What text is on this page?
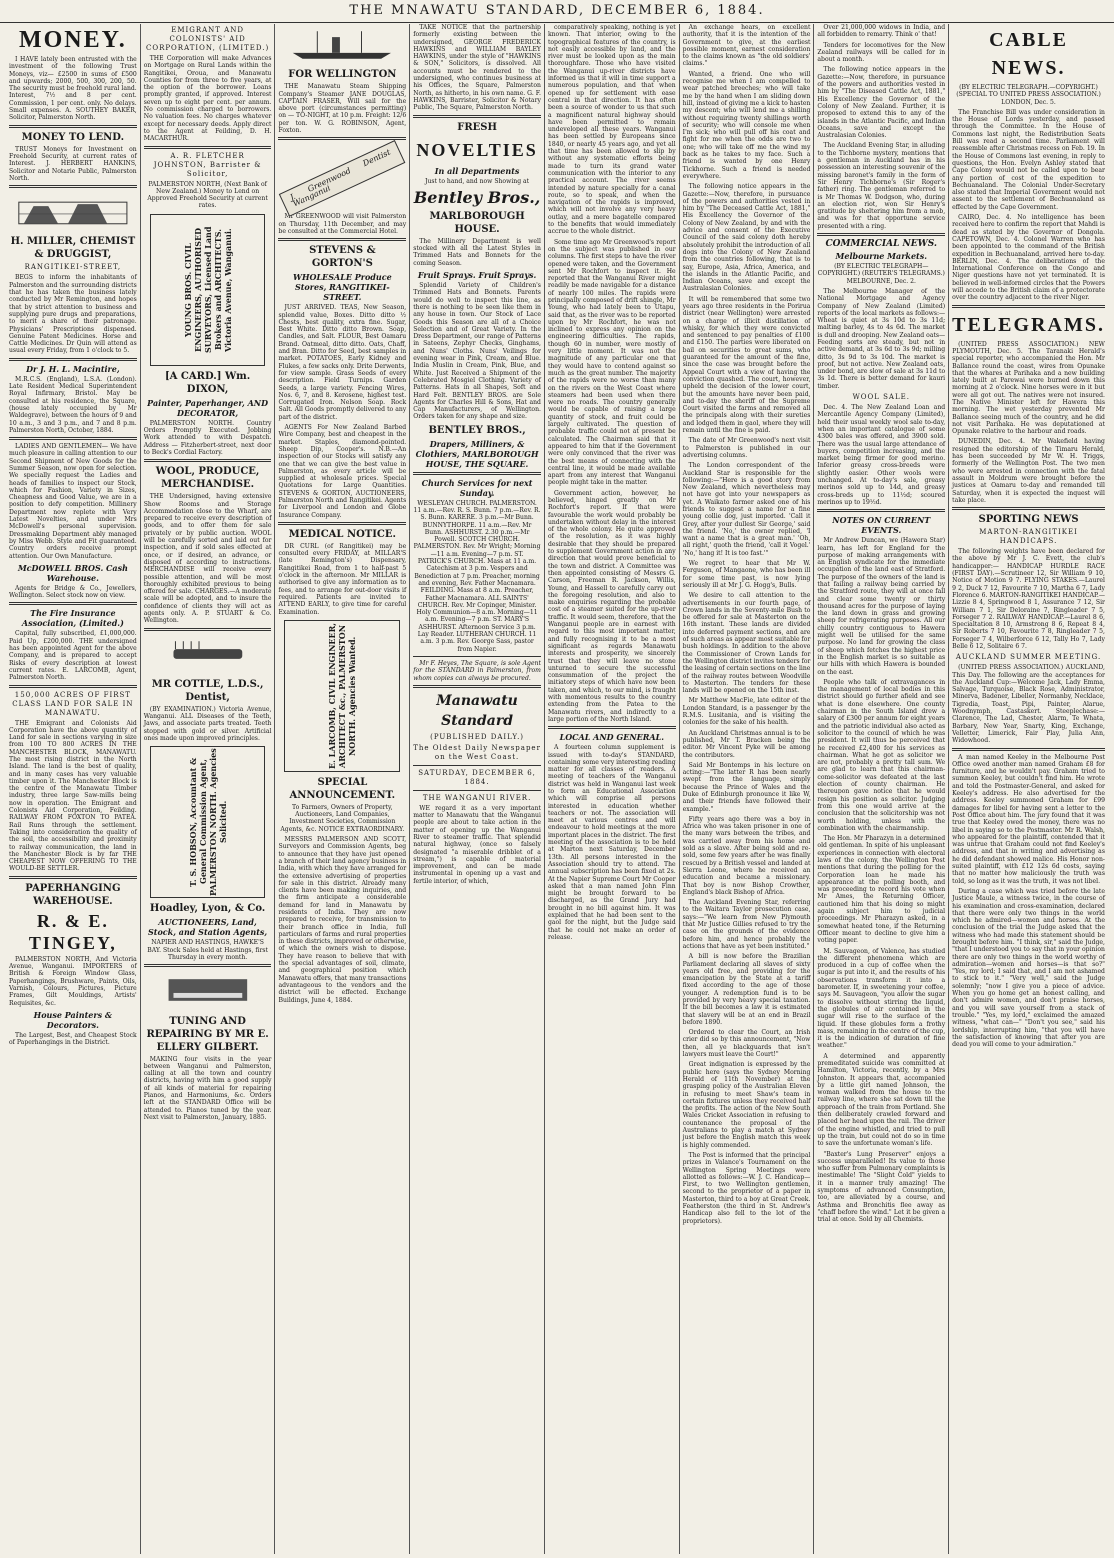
THE MNAWATU STANDARD, DECEMBER 6, 1884.
MONEY.

I HAVE lately been entrusted with the investment of the following Trust Moneys, viz— £2500 in sums of £500 and upwards; 2000, 500, 300, 200, 50. The security must be freehold rural land. Interest, 7½ and 8 per cent. Commission, 1 per cent. only. No delays. Small expenses. A. SOUTHEY BAKER, Solicitor, Palmerston North.

MONEY TO LEND.

TRUST Moneys for Investment on Freehold Security, at current rates of Interest. J. HERBERT HANKINS, Solicitor and Notarie Public, Palmerston North.

H. MILLER, CHEMIST & DRUGGIST,
RANGITIKEI-STREET,

BEGS to inform the inhabitants of Palmerston and the surrounding districts that he has taken the business lately conducted by Mr Remington, and hopes that by strict attention to business and supplying pure drugs and preparations, to merit a share of their patronage. Physicians' Prescriptions dispensed. Genuine Patent Medicines. Horse and Cattle Medicines. Dr Quin will attend as usual every Friday, from 1 o'clock to 5.

Dr J. H. L. Macintire,

M.R.C.S. (England), L.S.A. (London). Late Resident Medical Superintendent Royal Infirmary, Bristol. May be consulted at his residence, the Square, (house lately occupied by Mr Waldegrave), between the hours of 9 and 10 a.m., 3 and 3 p.m., and 7 and 8 p.m. Palmerston North, October, 1884.

LADIES AND GENTLEMEN— We have much pleasure in calling attention to our Second Shipment of New Goods for the Summer Season, now open for selection. We specially request the Ladies and heads of families to inspect our Stock, which for Fashion, Variety in Sizes, Cheapness and Good Value, we are in a position to defy competition. Millinery Department now replete with Very Latest Novelties, and under Mrs McDowell's personal supervision. Dressmaking Department ably managed by Miss Webb. Style and Fit guaranteed. Country orders receive prompt attention. Our Own Manufacture.

McDOWELL BROS. Cash Warehouse.

Agents for Bridge & Co., Jewellers, Wellington. Select stock now on view.

The Fire Insurance Association, (Limited.)

Capital, fully subscribed, £1,000,000. Paid Up, £200,000. THE undersigned has been appointed Agent for the above Company, and is prepared to accept Risks of every description at lowest current rates. E. LARCOMB, Agent, Palmerston North.

150,000 ACRES OF FIRST CLASS LAND FOR SALE IN MANAWATU.

THE Emigrant and Colonists Aid Corporation have the above quantity of Land for sale in sections varying in size from 100 TO 800 ACRES IN THE MANCHESTER BLOCK, MANAWATU. The most rising district in the North Island. The land is the best of quality, and in many cases has very valuable timber upon it. The Manchester Block is the centre of the Manawatu Timber industry, three large Saw-mills being now in operation. The Emigrant and Colonists Aid Corporation, Feilding. RAILWAY FROM FOXTON TO PATEA. Rail Runs through the settlement. Taking into consideration the quality of the soil, the accessibility and proximity to railway communication, the land in the Manchester Block is by far THE CHEAPEST NOW OFFERING TO THE WOULD-BE SETTLER.

PAPERHANGING WAREHOUSE.
R. & E. TINGEY,

PALMERSTON NORTH, And Victoria Avenue, Wanganui. IMPORTERS of British & Foreign Window Glass, Paperhangings, Brushware, Paints, Oils, Varnish, Colours, Pictures, Picture Frames, Gilt Mouldings, Artists' Requisites, &c.

House Painters & Decorators.

The Largest, Best, and Cheapest Stock of Paperhangings in the District.

EMIGRANT AND COLONISTS' AID CORPORATION, (LIMITED.)

THE Corporation will make Advances on Mortgage on Rural Lands within the Rangitikei, Oroua, and Manawatu Counties for from three to five years, at the option of the borrower. Loans promptly granted, if approved. Interest seven up to eight per cent. per annum. No commission charged to borrowers. No valuation fees. No charges whatever except for necessary deeds. Apply direct to the Agent at Feilding, D. H. MACARTHUR.

A. R. FLETCHER JOHNSTON, Barrister & Solicitor,

PALMERSTON NORTH, (Next Bank of New Zealand.) Money to Lend on Approved Freehold Security at current rates.

YOUNG BROS. CIVIL ENGINEERS, AUTHORISED SURVEYORS, Licensed Land Brokers and ARCHITECTS. Victoria Avenue, Wanganui.
[A CARD.] Wm. DIXON,
Painter, Paperhanger, AND DECORATOR,

PALMERSTON NORTH. Country Orders Promptly Executed. Jobbing Work attended to with Despatch. Address — Fitzherbert-street, next door to Beck's Cordial Factory.

WOOL, PRODUCE, MERCHANDISE.

THE Undersigned, having extensive Show Rooms and Storage Accommodation close to the Wharf, are prepared to receive every description of goods, and to offer them for sale privately or by public auction. WOOL will be carefully sorted and laid out for inspection, and if sold sales effected at once, or if desired, an advance, or disposed of according to instructions. MERCHANDISE will receive every possible attention, and will be most thoroughly exhibited previous to being offered for sale. CHARGES.—A moderate scale will be adopted, and to insure the confidence of clients they will act as agents only. A. P. STUART & Co. Wellington.

MR COTTLE, L.D.S., Dentist,

(BY EXAMINATION.) Victoria Avenue, Wanganui. ALL Diseases of the Teeth, Jaws, and associate parts treated. Teeth stopped with gold or silver. Artificial ones made upon improved principles.

T. S. HOBSON, Accountant & General Commission Agent, PALMERSTON NORTH. Agencies Solicited.
Hoadley, Lyon, & Co.
AUCTIONEERS, Land, Stock, and Station Agents,

NAPIER AND HASTINGS, HAWKE'S BAY. Stock Sales held at Hastings, first Thursday in every month.

TUNING AND REPAIRING BY MR E. ELLERY GILBERT.

MAKING four visits in the year between Wanganui and Palmerston, calling at all the town and country districts, having with him a good supply of all kinds of material for repairing Pianos, and Harmoniums, &c. Orders left at the STANDARD Office will be attended to. Pianos tuned by the year. Next visit to Palmerston, January, 1885.

FOR WELLINGTON

THE Manawatu Steam Shipping Company's Steamer JANE DOUGLAS, CAPTAIN FRASER, Will sail for the above port (circumstances permitting) on — TO-NIGHT, at 10 p.m. Freight: 12/6 per ton. W. G. ROBINSON, Agent, Foxton.

J. Greenwood Dentist Wanganui

Mr GREENWOOD will visit Palmerston on Thursday, 11th December, and may be consulted at the Commercial Hotel.

STEVENS & GORTON'S
WHOLESALE Produce Stores, RANGITIKEI-STREET.

JUST ARRIVED. TEAS, New Season, splendid value, Boxes. Ditto ditto ½ Chests, best quality, extra fine. Sugar, Best White. Ditto ditto Brown. Soap, Candles, and Salt. FLOUR, Best Oamaru Brand. Oatmeal, ditto ditto. Oats, Chaff, and Bran. Ditto for Seed, best samples in market. POTATOES, Early Kidney and Flukes, a few sacks only. Drite Derwents, for view sample. Grass Seeds of every description. Field Turnips. Garden Seeds, a large variety. Fencing Wires, Nos. 6, 7, and 8. Kerosene, highest test. Corrugated Iron. Nelson Soap. Rock Salt. All Goods promptly delivered to any part of the district.

AGENTS For New Zealand Barbed Wire Company, best and cheapest in the market. Staples, diamond-pointed. Sheep Dip, Cooper's. N.B.—An inspection of our Stocks will satisfy any one that we can give the best value in Palmerston, as every article will be supplied at wholesale prices. Special Quotations for Large Quantities. STEVENS & GORTON, AUCTIONEERS, Palmerston North and Rangitikei. Agents for Liverpool and London and Globe Insurance Company.

MEDICAL NOTICE.

DR CURL (of Rangitikei) may be consulted every FRIDAY, at MILLAR'S (late Remington's) Dispensary, Rangitikei Road, from 1 to half-past 5 o'clock in the afternoon. Mr MILLAR is authorised to give any information as to fees, and to arrange for out-door visits if required. Patients are invited to ATTEND EARLY, to give time for careful Examination.

E. LARCOMB, CIVIL ENGINEER, ARCHITECT &c., PALMERSTON NORTH. Agencies Wanted.
SPECIAL ANNOUNCEMENT.

To Farmers, Owners of Property, Auctioneers, Land Companies, Investment Societies, Commission Agents, &c. NOTICE EXTRAORDINARY.

MESSRS PALMERSON AND SCOTT, Surveyors and Commission Agents, beg to announce that they have just opened a branch of their land agency business in India, with which they have arranged for the extensive advertising of properties for sale in this district. Already many clients have been making inquiries, and the firm anticipate a considerable demand for land in Manawatu by residents of India. They are now prepared to receive, for transmission to their branch office in India, full particulars of farms and rural properties in these districts, improved or otherwise, of which the owners wish to dispose. They have reason to believe that with the special advantages of soil, climate, and geographical position which Manawatu offers, that many transactions advantageous to the vendors and the district will be effected. Exchange Buildings, June 4, 1884.

TAKE NOTICE that the partnership formerly existing between the undersigned, GEORGE FREDERICK HAWKINS and WILLIAM BAYLEY HAWKINS, under the style of "HAWKINS & SON," Solicitors, is dissolved. All accounts must be rendered to the undersigned, who continues business at his Offices, the Square, Palmerston North, as hitherto, in his own name. G. F. HAWKINS, Barrister, Solicitor & Notary Public, The Square, Palmerston North.

FRESH
NOVELTIES
In all Departments

Just to hand, and now Showing at

Bentley Bros.,
MARLBOROUGH HOUSE.

The Millinery Department is well stocked with all the Latest Styles in Trimmed Hats and Bonnets for the coming Season.

Fruit Sprays. Fruit Sprays.

Splendid Variety of Children's Trimmed Hats and Bonnets. Parents would do well to inspect this line, as there is nothing to be seen like them in any house in town. Our Stock of Lace Goods this Season are all of a Choice Selection and of Great Variety. In the Dress Department, our range of Patterns in Sateens, Zephyr Checks, Ginghams, and Nuns' Cloths. Nuns' Veilings for evening wear in Pink, Cream, and Blue. India Muslin in Cream, Pink, Blue, and White. Just Received a Shipment of the Celebrated Mosgiel Clothing. Variety of Patterns. Hats in all Shapes, Soft and Hard Felt. BENTLEY BROS. are Sole Agents for Charles Hill & Sons, Hat and Cap Manufacturers, of Wellington. Orders taken for any shape and size.

BENTLEY BROS.,
Drapers, Milliners, & Clothiers, MARLBOROUGH HOUSE, THE SQUARE.
Church Services for next Sunday.

WESLEYAN CHURCH. PALMERSTON. 11 a.m.—Rev. R. S. Bunn. 7 p.m.—Rev. R. S. Bunn. KARERE. 3 p.m.—Mr Bunn. BUNNYTHORPE. 11 a.m.—Rev. Mr Bunn. ASHHURST. 2.30 p.m.—Mr Powell. SCOTCH CHURCH. PALMERSTON. Rev. Mr Wright; Morning—11 a.m. Evening—7 p.m. ST. PATRICK'S CHURCH. Mass at 11 a.m. Catechism at 3 p.m. Vespers and Benediction at 7 p.m. Preacher, morning and evening, Rev. Father Macnamara. FEILDING. Mass at 8 a.m. Preacher, Father Macnamara. ALL SAINTS' CHURCH. Rev. Mr Copinger, Minister. Holy Communion—8 a.m. Morning—11 a.m. Evening—7 p.m. ST. MARY'S ASHHURST. Afternoon Service 3 p.m. Lay Reader. LUTHERAN CHURCH. 11 a.m. 3 p.m. Rev. George Sass, pastor from Napier.

Mr F. Heyes, The Square, is sole Agent for the STANDARD in Palmerston, from whom copies can always be procured.

Manawatu Standard
(PUBLISHED DAILY.)
The Oldest Daily Newspaper on the West Coast.
SATURDAY, DECEMBER 6, 1884.
THE WANGANUI RIVER.

WE regard it as a very important matter to Manawatu that the Wanganui people are about to take action in the matter of opening up the Wanganui River to steamer traffic. That splendid natural highway, (once so falsely designated "a miserable dribblet of a stream,") is capable of material improvement, and can be made instrumental in opening up a vast and fertile interior, of which,

comparatively speaking, nothing is yet known. That interior, owing to the topographical features of the country, is not easily accessible by land, and the river must be looked upon as the main thoroughfare. Those who have visited the Wanganui up-river districts have informed us that it will in time support a numerous population, and that when opened up for settlement with ease central in that direction. It has often been a source of wonder to us that such a magnificent natural highway should have been permitted to remain undeveloped all these years. Wanganui has been settled by Europeans since 1840, or nearly 45 years ago, and yet all that time has been allowed to slip by without any systematic efforts being made to turn its grand water communication with the interior to any practical account. The river seems intended by nature specially for a canal route, so to speak, and when the navigation of the rapids is improved, which will not involve any very heavy outlay, and a mere bagatelle compared to the benefits that would immediately accrue to the whole district.

Some time ago Mr Greenwood's report on the subject was published in our columns. The first steps to have the river opened were taken, and the Government sent Mr Rochfort to inspect it. He reported that the Wanganui River might readily be made navigable for a distance of nearly 100 miles. The rapids were principally composed of drift shingle, Mr Young, who had lately been to Utapu, said that, as the river was to be reported upon by Mr Rochfort, he was not inclined to express any opinion on the engineering difficulties. The rapids, though 60 in number, were mostly of very little moment. It was not the magnitude of any particular one that they would have to contend against so much as the great number. The majority of the rapids were no worse than many on the rivers on the West Coast where steamers had been used when there were no roads. The country generally would be capable of raising a large quantity of stock, and fruit could be largely cultivated. The question of probable traffic could not at present be calculated. The Chairman said that it appeared to him that if the Government were only convinced that the river was the best means of connecting with the central line, it would be made available apart from any interest that Wanganui people might take in the matter.

Government action, however, he believed, hinged greatly on Mr Rochfort's report. If that were favourable the work would probably be undertaken without delay in the interest of the whole colony. He quite approved of the resolution, as it was highly desirable that they should be prepared to supplement Government action in any direction that would prove beneficial to the town and district. A Committee was then appointed consisting of Messrs G. Carson, Freeman R. Jackson, Willis, Young, and Hassell to carefully carry out the foregoing resolution, and also to make enquiries regarding the probable cost of a steamer suited for the up-river traffic. It would seem, therefore, that the Wanganui people are in earnest with regard to this most important matter, and fully recognising it to be a most significant as regards Manawatu interests and prosperity, we sincerely trust that they will leave no stone unturned to secure the successful consummation of the project the initiatory steps of which have now been taken, and which, to our mind, is fraught with momentous results to the country extending from the Patea to the Manawatu rivers, and indirectly to a large portion of the North Island.

LOCAL AND GENERAL.

A fourteen column supplement is issued with to-day's STANDARD, containing some very interesting reading matter for all classes of readers. A meeting of teachers of the Wanganui district was held in Wanganui last week to form an Educational Association which will comprise all persons interested in education whether teachers or not. The association will meet at various centres and will endeavour to hold meetings at the more important places in the district. The first meeting of the association is to be held at Marton next Saturday, December 13th. All persons interested in the Association should try to attend. The annual subscription has been fixed at 2s. At the Napier Supreme Court Mr Cooper asked that a man named John Finn might be brought forward to be discharged, as the Grand Jury had brought in no bill against him. It was explained that he had been sent to the gaol for the night, but the Judge said that he could not make an order of release.

An exchange hears, on excellent authority, that it is the intention of the Government to give, at the earliest possible moment, earnest consideration to the claims known as "the old soldiers' claims."

Wanted, a friend. One who will recognise me when I am compelled to wear patched breeches; who will take me by the hand when I am sliding down hill, instead of giving me a kick to hasten my descent; who will lend me a shilling without requiring twenty shillings worth of security; who will console me when I'm sick; who will pull off his coat and fight for me when the odds are two to one; who will take off me the wind my back as he takes to my face. Such a friend is wanted by one Henry Tickhorne. Such a friend is needed everywhere.

The following notice appears in the Gazette:—Now, therefore, in pursuance of the powers and authorities vested in him by "The Deceased Cattle Act, 1881," His Excellency the Governor of the Colony of New Zealand, by and with the advice and consent of the Executive Council of the said colony doth hereby absolutely prohibit the introduction of all dogs into the Colony of New Zealand from the countries following, that is to say, Europe, Asia, Africa, America, and the islands in the Atlantic Pacific, and Indian Oceans, save and except the Australasian Colonies.

It will be remembered that some two years ago three residents in the Porirua district (near Wellington) were arrested on a charge of illicit distillation of whisky, for which they were convicted and sentenced to pay penalties of £100 and £150. The parties were liberated on bail on securities to great sums, who guaranteed for the amount of the fine, since the case was brought before the Appeal Court with a view of having the conviction quashed. The court, however, upheld the decision of the lower court, but the amounts have never been paid, and to-day the sheriff of the Supreme Court visited the farms and removed all the principals along with their sureties and lodged them in gaol, where they will remain until the fine is paid.

The date of Mr Greenwood's next visit to Palmerston is published in our advertising columns.

The London correspondent of the Auckland Star is responsible for the following:—"Here is a good story from New Zealand, which nevertheless may not have got into your newspapers as yet. A Waikato farmer asked one of his friends to suggest a name for a fine young collie dog, just imported. 'Call it Grey, after your dullest Sir George,' said the friend. 'No,' the owner replied, 'I want a name that is a great man.' 'Oh, all right,' quoth the friend, 'call it Vogel.' 'No,' hang it! It is too fast.'"

We regret to hear that Mr W. Ferguson, of Mangaone, who has been ill for some time past, is now lying seriously ill at Mr J. G. Hogg's, Bulls.

We desire to call attention to the advertisements in our fourth page, of Crown lands in the Seventy-mile Bush to be offered for sale at Masterton on the 16th instant. These lands are divided into deferred payment sections, and are of such areas as appear most suitable for bush holdings. In addition to the above the Commissioner of Crown Lands for the Wellington district invites tenders for the leasing of certain sections on the line of the railway routes between Woodville to Masterton. The tenders for these lands will be opened on the 15th inst.

Mr Matthew MacFie, late editor of the London Standard, is a passenger by the R.M.S. Lusitania, and is visiting the colonies for the sake of his health.

An Auckland Christmas annual is to be published, Mr T. Bracken being the editor. Mr Vincent Pyke will be among the contributors.

Said Mr Bontemps in his lecture on acting:—"The latter R has been nearly swept from the language, simply because the Prince of Wales and the Duke of Edinburgh pronounce it like W, and their friends have followed their example."

Fifty years ago there was a boy in Africa who was taken prisoner in one of the many wars between the tribes, and was carried away from his home and sold as a slave. After being sold and re-sold, some few years after he was finally rescued by a British vessel and landed at Sierra Leone, where he received an education and became a missionary. That boy is now Bishop Crowther, England's black Bishop of Africa.

The Auckland Evening Star, referring to the Waitara Taylor prosecution case, says:—"We learn from New Plymouth that Mr Justice Gillies refused to try the case on the grounds of the evidence before him, and hence probably the actions that have as yet been instituted."

A bill is now before the Brazilian Parliament declaring all slaves of sixty years old free, and providing for the emancipation by the State at a tariff fixed according to the age of those younger. A redemption fund is to be provided by very heavy special taxation. If the bill becomes a law it is estimated that slavery will be at an end in Brazil before 1890.

Ordered to clear the Court, an Irish crier did so by this announcement, "Now then, all ye blackguards that isn't lawyers must leave the Court!"

Great indignation is expressed by the public here (says the Sydney Morning Herald of 11th November) at the grasping policy of the Australian Eleven in refusing to meet Shaw's team in certain fixtures unless they received half the profits. The action of the New South Wales Cricket Association in refusing to countenance the proposal of the Australians to play a match at Sydney just before the English match this week is highly commended.

The Post is informed that the principal prizes in Valance's Tournament on the Wellington Spring Meetings were allotted as follows:—W. J. C. Handicap—First, to two Wellington gentlemen, second to the proprietor of a paper in Masterton, third to a boy at Great Creek. Featherston (the third in St. Andrew's Handicap also fell to the lot of the proprietors).

Over 21,000,000 widows in India, and all forbidden to remarry. Think o' that!

Tenders for locomotives for the New Zealand railways will be called for in about a month.

The following notice appears in the Gazette:—Now, therefore, in pursuance of the powers and authorities vested in him by "The Diseased Cattle Act, 1881," His Excellency the Governor of the Colony of New Zealand. Further, it is proposed to extend this to any of the islands in the Atlantic Pacific, and Indian Oceans, save and except the Australasian Colonies.

The Auckland Evening Star, in alluding to the Tichborne mystery, mentions that a gentleman in Auckland has in his possession an interesting souvenir of the missing baronet's family in the form of Sir Henry Tichborne's (Sir Roger's father) ring. The gentleman referred to is Mr Thomas W. Dodgson, who, during an election riot, won Sir Henry's gratitude by sheltering him from a mob, and was for that opportune service presented with a ring.

COMMERCIAL NEWS.
Melbourne Markets.

(BY ELECTRIC TELEGRAPH—COPYRIGHT.) (REUTER'S TELEGRAMS.) MELBOURNE, Dec. 2.

The Melbourne Manager of the National Mortgage and Agency Company of New Zealand (Limited) reports of the local markets as follows:—Wheat is quiet at 3s 10d to 3s 11d; malting barley, 4s to 4s 6d. The market is dull and drooping. New Zealand oats—Feeding sorts are steady, but not in active demand, at 3s 6d to 3s 9d; milling ditto, 3s 9d to 3s 10d. The market is proof, but not active. New Zealand oats, under bond, are slow of sale at 3s 11d to 3s 1d. There is better demand for kauri timber.

WOOL SALE.

Dec. 4. The New Zealand Loan and Mercantile Agency Company (Limited), held their usual weekly wool sale to-day, when an important catalogue of some 4300 bales was offered, and 3900 sold. There was the usual large attendance of buyers, competition increasing, and the market being firmer for good merino. Inferior greasy cross-breeds were slightly easier. Other wools were unchanged. At to-day's sale, greasy merinos sold up to 14d, and greasy cross-breds up to 11½d; scoured merinos up to 19½d.

NOTES ON CURRENT EVENTS.

Mr Andrew Duncan, we (Hawera Star) learn, has left for England for the purpose of making arrangements with an English syndicate for the immediate occupation of the land east of Stratford. The purpose of the owners of the land is that failing a railway being carried by the Stratford route, they will at once fall and clear some twenty or thirty thousand acres for the purpose of laying the land down in grass and growing sheep for refrigerating purposes. All our chilly country contiguous to Hawera might well be utilised for the same purpose. No land for growing the class of sheep which fetches the highest price in the English market is so suitable as our hills with which Hawera is bounded on the east.

People who talk of extravagances in the management of local bodies in this district should go further afield and see what is done elsewhere. One county chairman in the South Island drew a salary of £300 per annum for eight years and the patriotic individual also acted as solicitor to the council of which he was president. It will thus be perceived that he received £2,400 for his services as chairman. What he got as solicitor we are not, probably a pretty tall sum. We are glad to learn that this chairman-come-solicitor was defeated at the last election of county chairman. He thereupon gave notice that he would resign his position as solicitor. Judging from this one would arrive at the conclusion that the solicitorship was not worth holding, unless with the combination with the chairmanship.

The Hon. Mr Pharazyn in a determined old gentleman. In spite of his unpleasant experiences in connection with electoral laws of the colony, the Wellington Post mentions that during the polling for the Corporation loan he made his appearance at the polling booth, and was proceeding to record his vote when Mr Ames, the Returning Officer, cautioned him that his doing so might again subject him to judicial proceedings. Mr Pharazyn asked, in a somewhat heated tone, if the Returning Officer meant to decline to give him a voting paper.

M. Sauvageon, of Valence, has studied the different phenomena which are produced in a cup of coffee when the sugar is put into it, and the results of his observations transform it into a barometer. If, in sweetening your coffee, says M. Sauvageon, "you allow the sugar to dissolve without stirring the liquid, the globules of air contained in the sugar will rise to the surface of the liquid. If these globules form a frothy mass, remaining in the centre of the cup, it is the indication of duration of fine weather."

A determined and apparently premeditated suicide was committed at Hamilton, Victoria, recently, by a Mrs Johnston. It appears that, accompanied by a little girl named Johnson, the woman walked from the house to the railway line, where she sat down till the approach of the train from Portland. She then deliberately crawled forward and placed her head upon the rail. The driver of the engine whistled, and tried to pull up the train, but could not do so in time to save the unfortunate woman's life.

"Baxter's Lung Preserver" enjoys a success unparalleled! Its value to those who suffer from Pulmonary complaints is inestimable! The "Slight Cold" yields to it in a manner truly amazing! The symptoms of advanced Consumption, too, are alleviated by a course, and Asthma and Bronchitis flee away as "chaff before the wind." Let it be given a trial at once. Sold by all Chemists.

CABLE NEWS.

(BY ELECTRIC TELEGRAPH.—COPYRIGHT.) (SPECIAL TO UNITED PRESS ASSOCIATION.) LONDON, Dec. 5.

The Franchise Bill was under consideration in the House of Lords yesterday, and passed through the Committee. In the House of Commons last night, the Redistribution Seats Bill was read a second time. Parliament will reassemble after Christmas recess on Feb. 19. In the House of Commons last evening, in reply to questions, the Hon. Evelyn Ashley stated that Cape Colony would not be called upon to bear any portion of cost of the expedition to Bechuanaland. The Colonial Under-Secretary also stated that Imperial Government would not assent to the settlement of Bechuanaland as effected by the Cape Government.

CAIRO, Dec. 4. No intelligence has been received here to confirm the report that Mahdi is dead as stated by the Governor of Dongola. CAPETOWN, Dec. 4. Colonel Warren who has been appointed to the command of the British expedition in Bechuanaland, arrived here to-day. BERLIN, Dec. 4. The deliberations of the International Conference on the Congo and Niger questions have not yet terminated. It is believed in well-informed circles that the Powers will accede to the British claim of a protectorate over the country adjacent to the river Niger.

TELEGRAMS.

(UNITED PRESS ASSOCIATION.) NEW PLYMOUTH, Dec. 5. The Taranaki Herald's special reporter, who accompanied the Hon. Mr Ballance round the coast, wires from Opunake that the whares at Parihaka and a new building lately built at Parewai were burned down this morning at 2 o'clock. Nine horses were in it but were all got out. The natives were not insured. The Native Minister left for Hawera this morning. The wet yesterday prevented Mr Ballance seeing much of the country, and he did not visit Parihaka. He was deputationed at Opunake relative to the harbour and roads.

DUNEDIN, Dec. 4. Mr Wakefield having resigned the editorship of the Timaru Herald, has been succeeded by Mr W. H. Triggs, formerly of the Wellington Post. The two men who were arrested in connection with the fatal assault in Moldrum were brought before the justices at Oamaru to-day and remanded till Saturday, when it is expected the inquest will take place.

SPORTING NEWS
MARTON-RANGITIKEI HANDICAPS.

The following weights have been declared for the above by Mr J. C. Evett, the club's handicapper:— HANDICAP HURDLE RACE (FIRST DAY).—Scrutineer 12, Sir William 9 10, Notice of Motion 9 7. FLYING STAKES.—Laurel 9 2, Duck 7 12, Favourite 7 10, Martha 6 7, Lady Florence 6. MARTON-RANGITIKEI HANDICAP.—Lizzie 8 4, Springwood 8 1, Assurance 7 12, Sir William 7 1, Sir Deloraine 7, Ringleader 7 5, Forseger 7 2. RAILWAY HANDICAP.—Laurel 8 6, Specialtation 8 10, Armstrong 8 6, Repeat 8 4, Sir Roberts 7 10, Favourite 7 8, Ringleader 7 5, Forseger 7 4, Wilberforce 6 12, Tally Ho 7, Lady Belle 6 12, Solitaire 6 7.

AUCKLAND SUMMER MEETING.

(UNITED PRESS ASSOCIATION.) AUCKLAND, This Day. The following are the acceptances for the Auckland Cup:—Welcome Jack, Lady Emma, Salvage, Turquoise, Black Rose, Administrator, Minerva, Badener, Libeller, Normanby, Necklace, Tigredia, Toast, Pipi, Painter, Alarue, Woodnymph, Castaskert. Steeplechase:—Clarence, The Lad, Chester, Alarm, Te Whata, Barbary, New Year, Snarty, King, Exchange, Velletter, Limerick, Fair Play, Julia Ann, Widowhood.

A man named Keeley in the Melbourne Post Office owed another man named Graham £8 for furniture, and he wouldn't pay. Graham tried to summon Keeley, but couldn't find him. He wrote and told the Postmaster-General, and asked for Keeley's address. He also advertised for the address. Keeley summoned Graham for £99 damages for libel for having sent a letter to the Post Office about him. The jury found that it was true that Keeley owed the money, there was no libel in saying so to the Postmaster. Mr R. Walsh, who appeared for the plaintiff, contended that it was untrue that Graham could not find Keeley's address, and that in writing and advertising as he did defendant showed malice. His Honor non-suited plaintiff, with £12 12s 6d costs, saying that no matter how maliciously the truth was told, so long as it was the truth, it was not libel.

During a case which was tried before the late Justice Maule, a witness twice, in the course of his examination and cross-examination, declared that there were only two things in the world which he admired—women and horses. At the conclusion of the trial the Judge asked that the witness who had made this statement should be brought before him. "I think, sir," said the Judge, "that I understood you to say that in your opinion there are only two things in the world worthy of admiration—women and horses—is that so?" "Yes, my lord; I said that, and I am not ashamed to stick to it." "Very well," said the Judge solemnly; "now I give you a piece of advice. When you go home get an honest calling, and don't admire women, and don't praise horses, and you will save yourself from a stack of trouble." "Yes, my lord," exclaimed the amazed witness, "what can—" "Don't you see," said his lordship, interrupting him, "that you will have the satisfaction of knowing that after you are dead you will come to your admiration."
